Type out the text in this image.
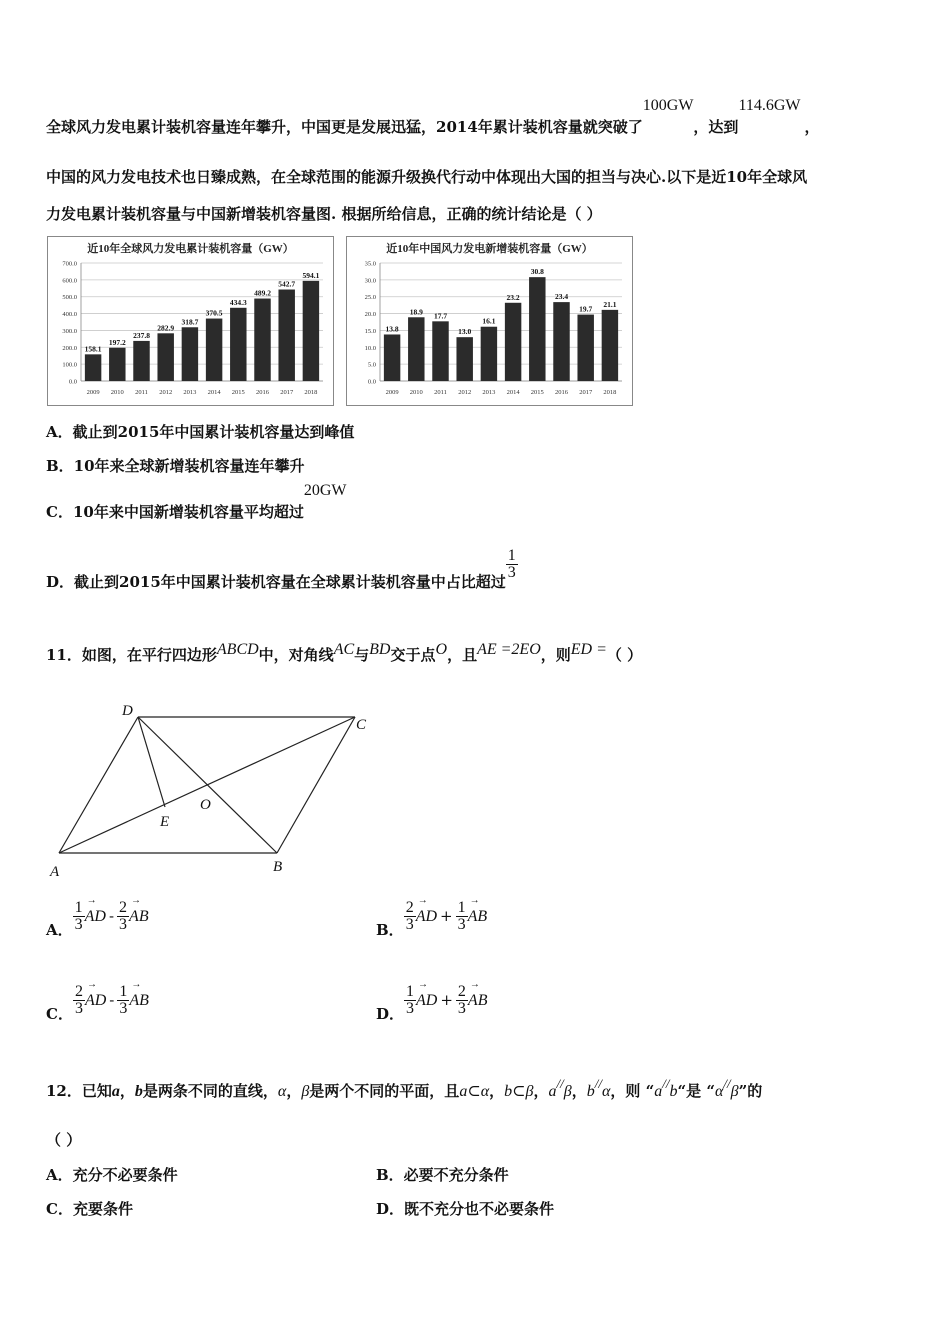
全球风力发电累计装机容量连年攀升，中国更是发展迅猛，2014年累计装机容量就突破了100GW，达到114.6GW，
中国的风力发电技术也日臻成熟，在全球范围的能源升级换代行动中体现出大国的担当与决心.以下是近10年全球风
力发电累计装机容量与中国新增装机容量图. 根据所给信息，正确的统计结论是（ ）
近10年全球风力发电累计装机容量（GW）
0.0
100.0
200.0
300.0
400.0
500.0
600.0
700.0
158.1
2009
197.2
2010
237.8
2011
282.9
2012
318.7
2013
370.5
2014
434.3
2015
489.2
2016
542.7
2017
594.1
2018
近10年中国风力发电新增装机容量（GW）
0.0
5.0
10.0
15.0
20.0
25.0
30.0
35.0
13.8
2009
18.9
2010
17.7
2011
13.0
2012
16.1
2013
23.2
2014
30.8
2015
23.4
2016
19.7
2017
21.1
2018
A．截止到2015年中国累计装机容量达到峰值
B．10年来全球新增装机容量连年攀升
C．10年来中国新增装机容量平均超过20GW
D．截止到2015年中国累计装机容量在全球累计装机容量中占比超过
$\frac{1}{3}$
11．如图，在平行四边形ABCD中，对角线AC与BD交于点O，且AE =2EO，则ED =（ ）
D
C
O
E
A	B
A． $\frac{1}{3}$ → AD - $\frac{2}{3}$ → AB
B． $\frac{2}{3}$ → AD + $\frac{1}{3}$ → AB
C． $\frac{2}{3}$ → AD - $\frac{1}{3}$ → AB
D． $\frac{1}{3}$ → AD + $\frac{2}{3}$ → AB
12．已知a，b是两条不同的直线，α，β是两个不同的平面，且a⊂α，b⊂β，a//β，b//α，则 “a//b“是 “α//β”的
（ ）
A．充分不必要条件	B．必要不充分条件
C．充要条件	D．既不充分也不必要条件
